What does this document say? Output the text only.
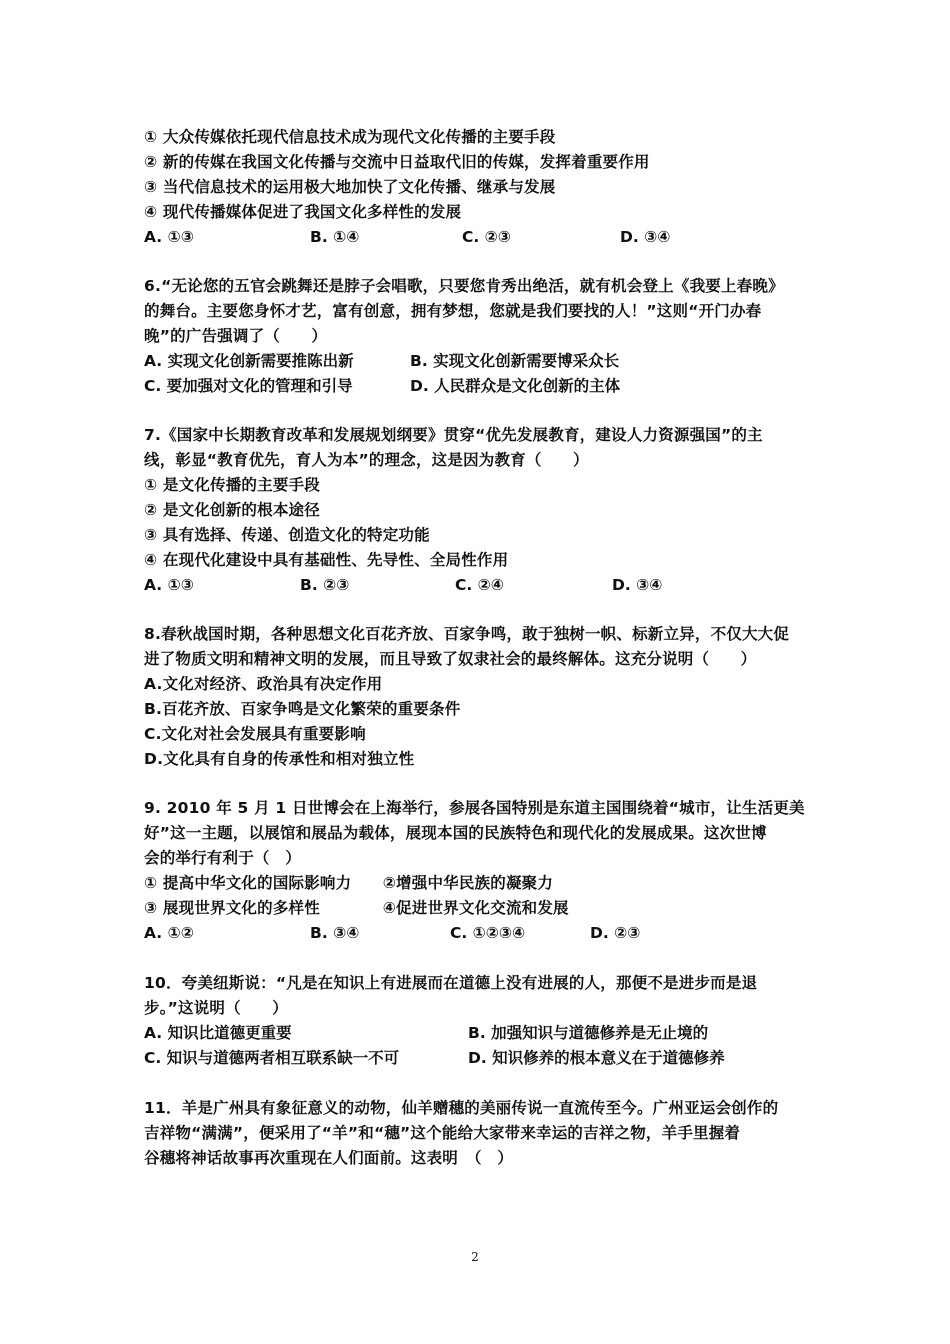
① 大众传媒依托现代信息技术成为现代文化传播的主要手段
② 新的传媒在我国文化传播与交流中日益取代旧的传媒，发挥着重要作用
③ 当代信息技术的运用极大地加快了文化传播、继承与发展
④ 现代传播媒体促进了我国文化多样性的发展
A. ①③	B. ①④	C. ②③	D. ③④
6.“无论您的五官会跳舞还是脖子会唱歌，只要您肯秀出绝活，就有机会登上《我要上春晚》
的舞台。主要您身怀才艺，富有创意，拥有梦想，您就是我们要找的人！”这则“开门办春
晚”的广告强调了（　　）
A. 实现文化创新需要推陈出新	B. 实现文化创新需要博采众长
C. 要加强对文化的管理和引导	D. 人民群众是文化创新的主体
7.《国家中长期教育改革和发展规划纲要》贯穿“优先发展教育，建设人力资源强国”的主
线，彰显“教育优先，育人为本”的理念，这是因为教育（　　）
① 是文化传播的主要手段
② 是文化创新的根本途径
③ 具有选择、传递、创造文化的特定功能
④ 在现代化建设中具有基础性、先导性、全局性作用
A. ①③	B. ②③	C. ②④	D. ③④
8.春秋战国时期，各种思想文化百花齐放、百家争鸣，敢于独树一帜、标新立异，不仅大大促
进了物质文明和精神文明的发展，而且导致了奴隶社会的最终解体。这充分说明（　　）
A.文化对经济、政治具有决定作用
B.百花齐放、百家争鸣是文化繁荣的重要条件
C.文化对社会发展具有重要影响
D.文化具有自身的传承性和相对独立性
9. 2010 年 5 月 1 日世博会在上海举行，参展各国特别是东道主国围绕着“城市，让生活更美
好”这一主题，以展馆和展品为载体，展现本国的民族特色和现代化的发展成果。这次世博
会的举行有利于（　）
① 提高中华文化的国际影响力　　②增强中华民族的凝聚力
③ 展现世界文化的多样性　　　　④促进世界文化交流和发展
A. ①②	B. ③④	C. ①②③④	D. ②③
10．夸美纽斯说：“凡是在知识上有进展而在道德上没有进展的人，那便不是进步而是退
步。”这说明（　　）
A. 知识比道德更重要	B. 加强知识与道德修养是无止境的
C. 知识与道德两者相互联系缺一不可	D. 知识修养的根本意义在于道德修养
11．羊是广州具有象征意义的动物，仙羊赠穗的美丽传说一直流传至今。广州亚运会创作的
吉祥物“满满”，便采用了“羊”和“穗”这个能给大家带来幸运的吉祥之物，羊手里握着
谷穗将神话故事再次重现在人们面前。这表明　（　）
2
